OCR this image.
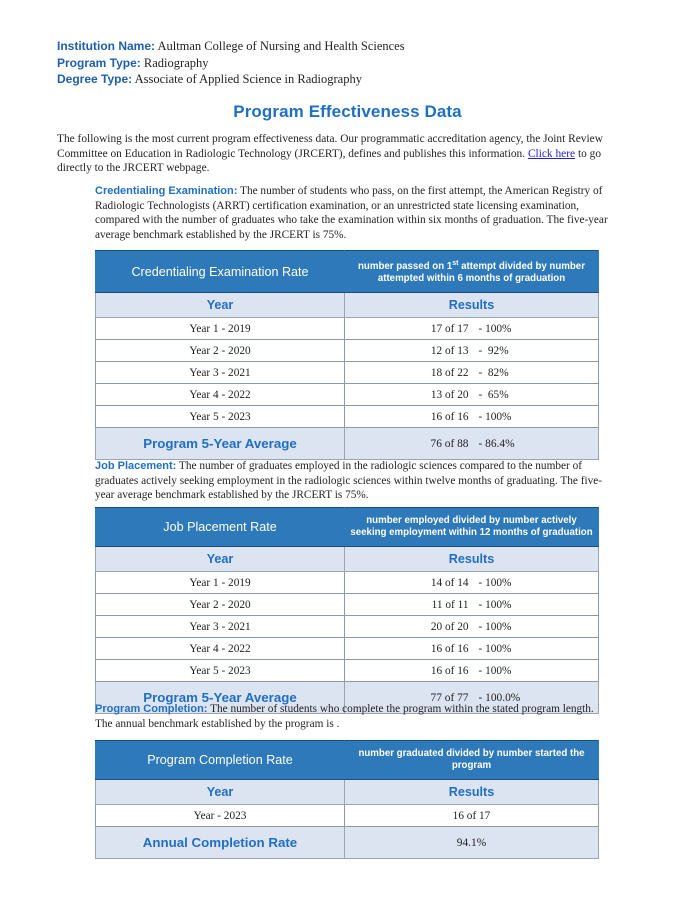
Institution Name: Aultman College of Nursing and Health Sciences
Program Type: Radiography
Degree Type: Associate of Applied Science in Radiography
Program Effectiveness Data
The following is the most current program effectiveness data. Our programmatic accreditation agency, the Joint Review Committee on Education in Radiologic Technology (JRCERT), defines and publishes this information. Click here to go directly to the JRCERT webpage.
Credentialing Examination: The number of students who pass, on the first attempt, the American Registry of Radiologic Technologists (ARRT) certification examination, or an unrestricted state licensing examination, compared with the number of graduates who take the examination within six months of graduation. The five-year average benchmark established by the JRCERT is 75%.
Credentialing Examination Rate	number passed on 1st attempt divided by number attempted within 6 months of graduation
Year	Results
Year 1 - 2019	17 of 17 - 100%
Year 2 - 2020	12 of 13 -  92%
Year 3 - 2021	18 of 22 -  82%
Year 4 - 2022	13 of 20 -  65%
Year 5 - 2023	16 of 16 - 100%
Program 5-Year Average	76 of 88 - 86.4%
Job Placement: The number of graduates employed in the radiologic sciences compared to the number of graduates actively seeking employment in the radiologic sciences within twelve months of graduating. The five-year average benchmark established by the JRCERT is 75%.
Job Placement Rate	number employed divided by number actively seeking employment within 12 months of graduation
Year	Results
Year 1 - 2019	14 of 14 - 100%
Year 2 - 2020	11 of 11 - 100%
Year 3 - 2021	20 of 20 - 100%
Year 4 - 2022	16 of 16 - 100%
Year 5 - 2023	16 of 16 - 100%
Program 5-Year Average	77 of 77 - 100.0%
Program Completion: The number of students who complete the program within the stated program length. The annual benchmark established by the program is .
Program Completion Rate	number graduated divided by number started the program
Year	Results
Year - 2023	16 of 17
Annual Completion Rate	94.1%
